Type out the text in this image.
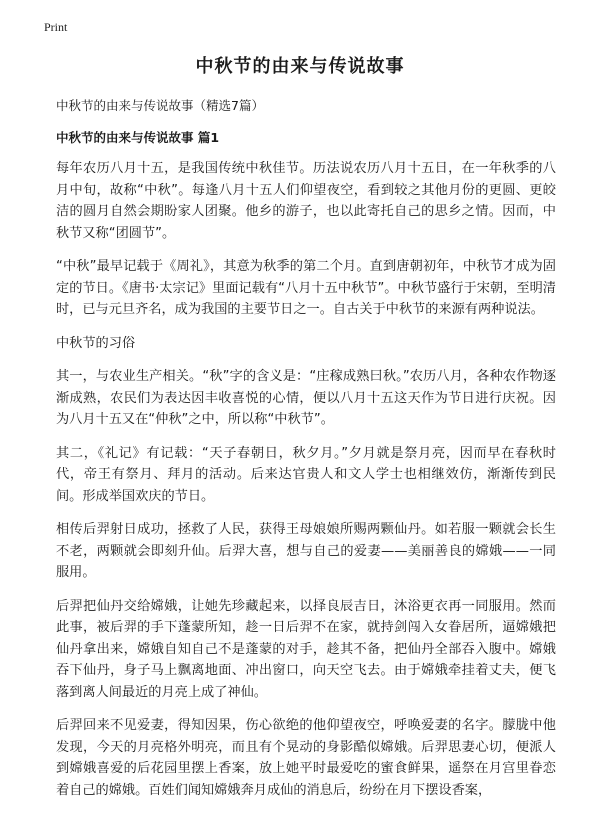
Print
中秋节的由来与传说故事

中秋节的由来与传说故事（精选7篇）

中秋节的由来与传说故事 篇1

每年农历八月十五，是我国传统中秋佳节。历法说农历八月十五日，在一年秋季的八月中旬，故称“中秋”。每逢八月十五人们仰望夜空，看到较之其他月份的更圆、更皎洁的圆月自然会期盼家人团聚。他乡的游子，也以此寄托自己的思乡之情。因而，中秋节又称“团圆节”。

“中秋”最早记载于《周礼》，其意为秋季的第二个月。直到唐朝初年，中秋节才成为固定的节日。《唐书·太宗记》里面记载有“八月十五中秋节”。中秋节盛行于宋朝，至明清时，已与元旦齐名，成为我国的主要节日之一。自古关于中秋节的来源有两种说法。

中秋节的习俗

其一，与农业生产相关。“秋”字的含义是：“庄稼成熟曰秋。”农历八月，各种农作物逐渐成熟，农民们为表达因丰收喜悦的心情，便以八月十五这天作为节日进行庆祝。因为八月十五又在“仲秋”之中，所以称“中秋节”。

其二，《礼记》有记载：“天子春朝日，秋夕月。”夕月就是祭月亮，因而早在春秋时代，帝王有祭月、拜月的活动。后来达官贵人和文人学士也相继效仿，渐渐传到民间。形成举国欢庆的节日。

相传后羿射日成功，拯救了人民，获得王母娘娘所赐两颗仙丹。如若服一颗就会长生不老，两颗就会即刻升仙。后羿大喜，想与自己的爱妻——美丽善良的嫦娥——一同服用。

后羿把仙丹交给嫦娥，让她先珍藏起来，以择良辰吉日，沐浴更衣再一同服用。然而此事，被后羿的手下蓬蒙所知，趁一日后羿不在家，就持剑闯入女眷居所，逼嫦娥把仙丹拿出来，嫦娥自知自己不是蓬蒙的对手，趁其不备，把仙丹全部吞入腹中。嫦娥吞下仙丹，身子马上飘离地面、冲出窗口，向天空飞去。由于嫦娥牵挂着丈夫，便飞落到离人间最近的月亮上成了神仙。

后羿回来不见爱妻，得知因果，伤心欲绝的他仰望夜空，呼唤爱妻的名字。朦胧中他发现，今天的月亮格外明亮，而且有个晃动的身影酷似嫦娥。后羿思妻心切，便派人到嫦娥喜爱的后花园里摆上香案，放上她平时最爱吃的蜜食鲜果，遥祭在月宫里眷恋着自己的嫦娥。百姓们闻知嫦娥奔月成仙的消息后，纷纷在月下摆设香案，
